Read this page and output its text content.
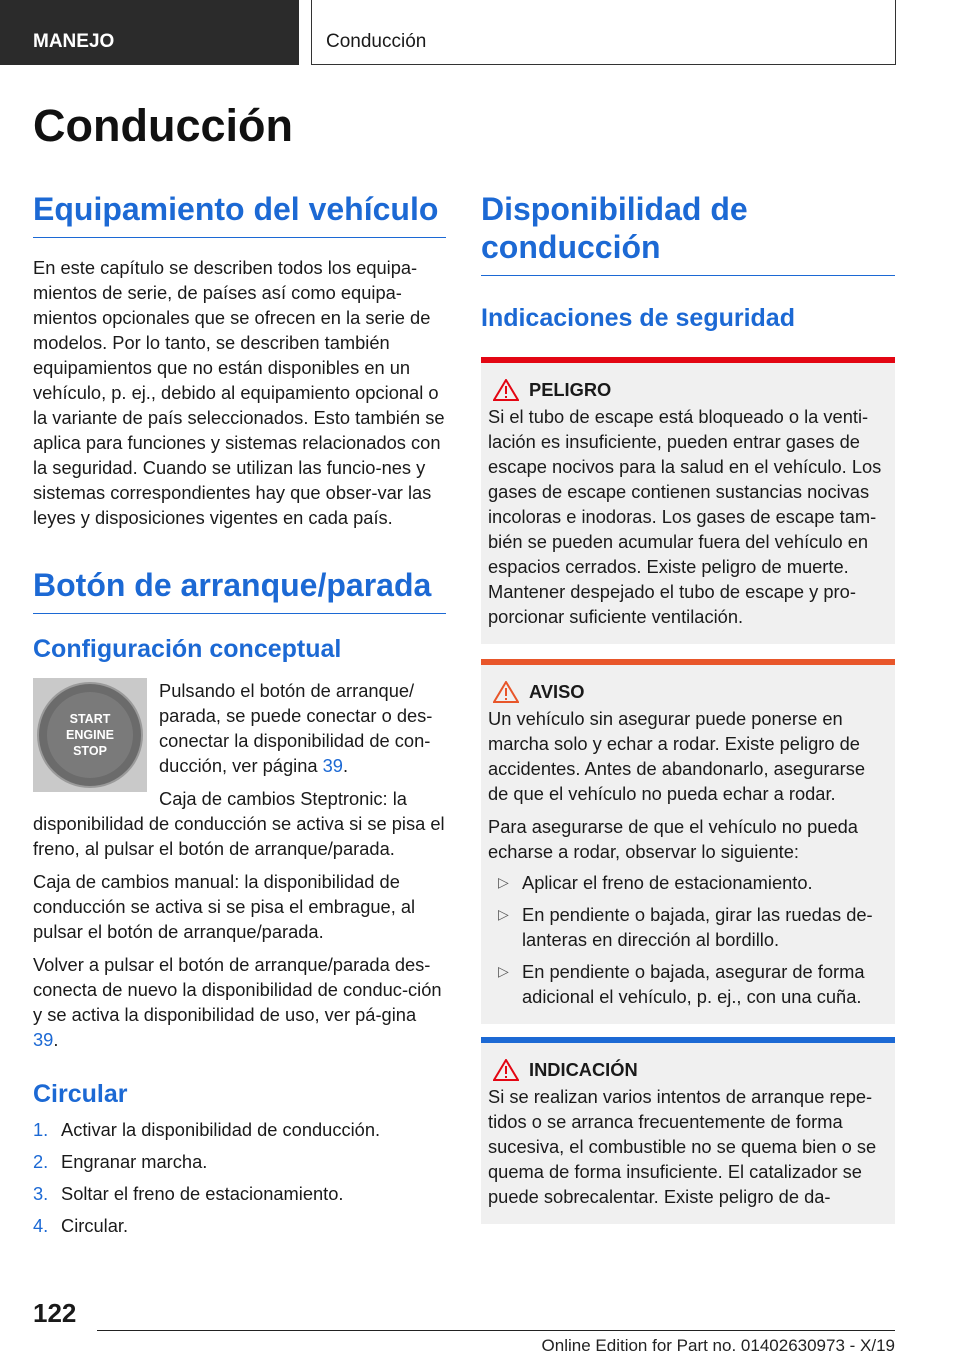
MANEJO	Conducción
Conducción
Equipamiento del vehículo

En este capítulo se describen todos los equipa-mientos de serie, de países así como equipa-mientos opcionales que se ofrecen en la serie de modelos. Por lo tanto, se describen también equipamientos que no están disponibles en un vehículo, p. ej., debido al equipamiento opcional o la variante de país seleccionados. Esto también se aplica para funciones y sistemas relacionados con la seguridad. Cuando se utilizan las funcio-nes y sistemas correspondientes hay que obser-var las leyes y disposiciones vigentes en cada país.

Botón de arranque/parada
Configuración conceptual
START
ENGINE
STOP

Pulsando el botón de arranque/ parada, se puede conectar o des-conectar la disponibilidad de con-ducción, ver página 39.

Caja de cambios Steptronic: la disponibilidad de conducción se activa si se pisa el freno, al pulsar el botón de arranque/parada.

Caja de cambios manual: la disponibilidad de conducción se activa si se pisa el embrague, al pulsar el botón de arranque/parada.

Volver a pulsar el botón de arranque/parada des-conecta de nuevo la disponibilidad de conduc-ción y se activa la disponibilidad de uso, ver pá-gina 39.

Circular
1. Activar la disponibilidad de conducción.
2. Engranar marcha.
3. Soltar el freno de estacionamiento.
4. Circular.
Disponibilidad de conducción
Indicaciones de seguridad
PELIGRO

Si el tubo de escape está bloqueado o la venti-lación es insuficiente, pueden entrar gases de escape nocivos para la salud en el vehículo. Los gases de escape contienen sustancias nocivas incoloras e inodoras. Los gases de escape tam-bién se pueden acumular fuera del vehículo en espacios cerrados. Existe peligro de muerte. Mantener despejado el tubo de escape y pro-porcionar suficiente ventilación.

AVISO

Un vehículo sin asegurar puede ponerse en marcha solo y echar a rodar. Existe peligro de accidentes. Antes de abandonarlo, asegurarse de que el vehículo no pueda echar a rodar.

Para asegurarse de que el vehículo no pueda echarse a rodar, observar lo siguiente:

▷ Aplicar el freno de estacionamiento.
▷ En pendiente o bajada, girar las ruedas de-lanteras en dirección al bordillo.
▷ En pendiente o bajada, asegurar de forma adicional el vehículo, p. ej., con una cuña.
INDICACIÓN

Si se realizan varios intentos de arranque repe-tidos o se arranca frecuentemente de forma sucesiva, el combustible no se quema bien o se quema de forma insuficiente. El catalizador se puede sobrecalentar. Existe peligro de da-

122
Online Edition for Part no. 01402630973 - X/19
